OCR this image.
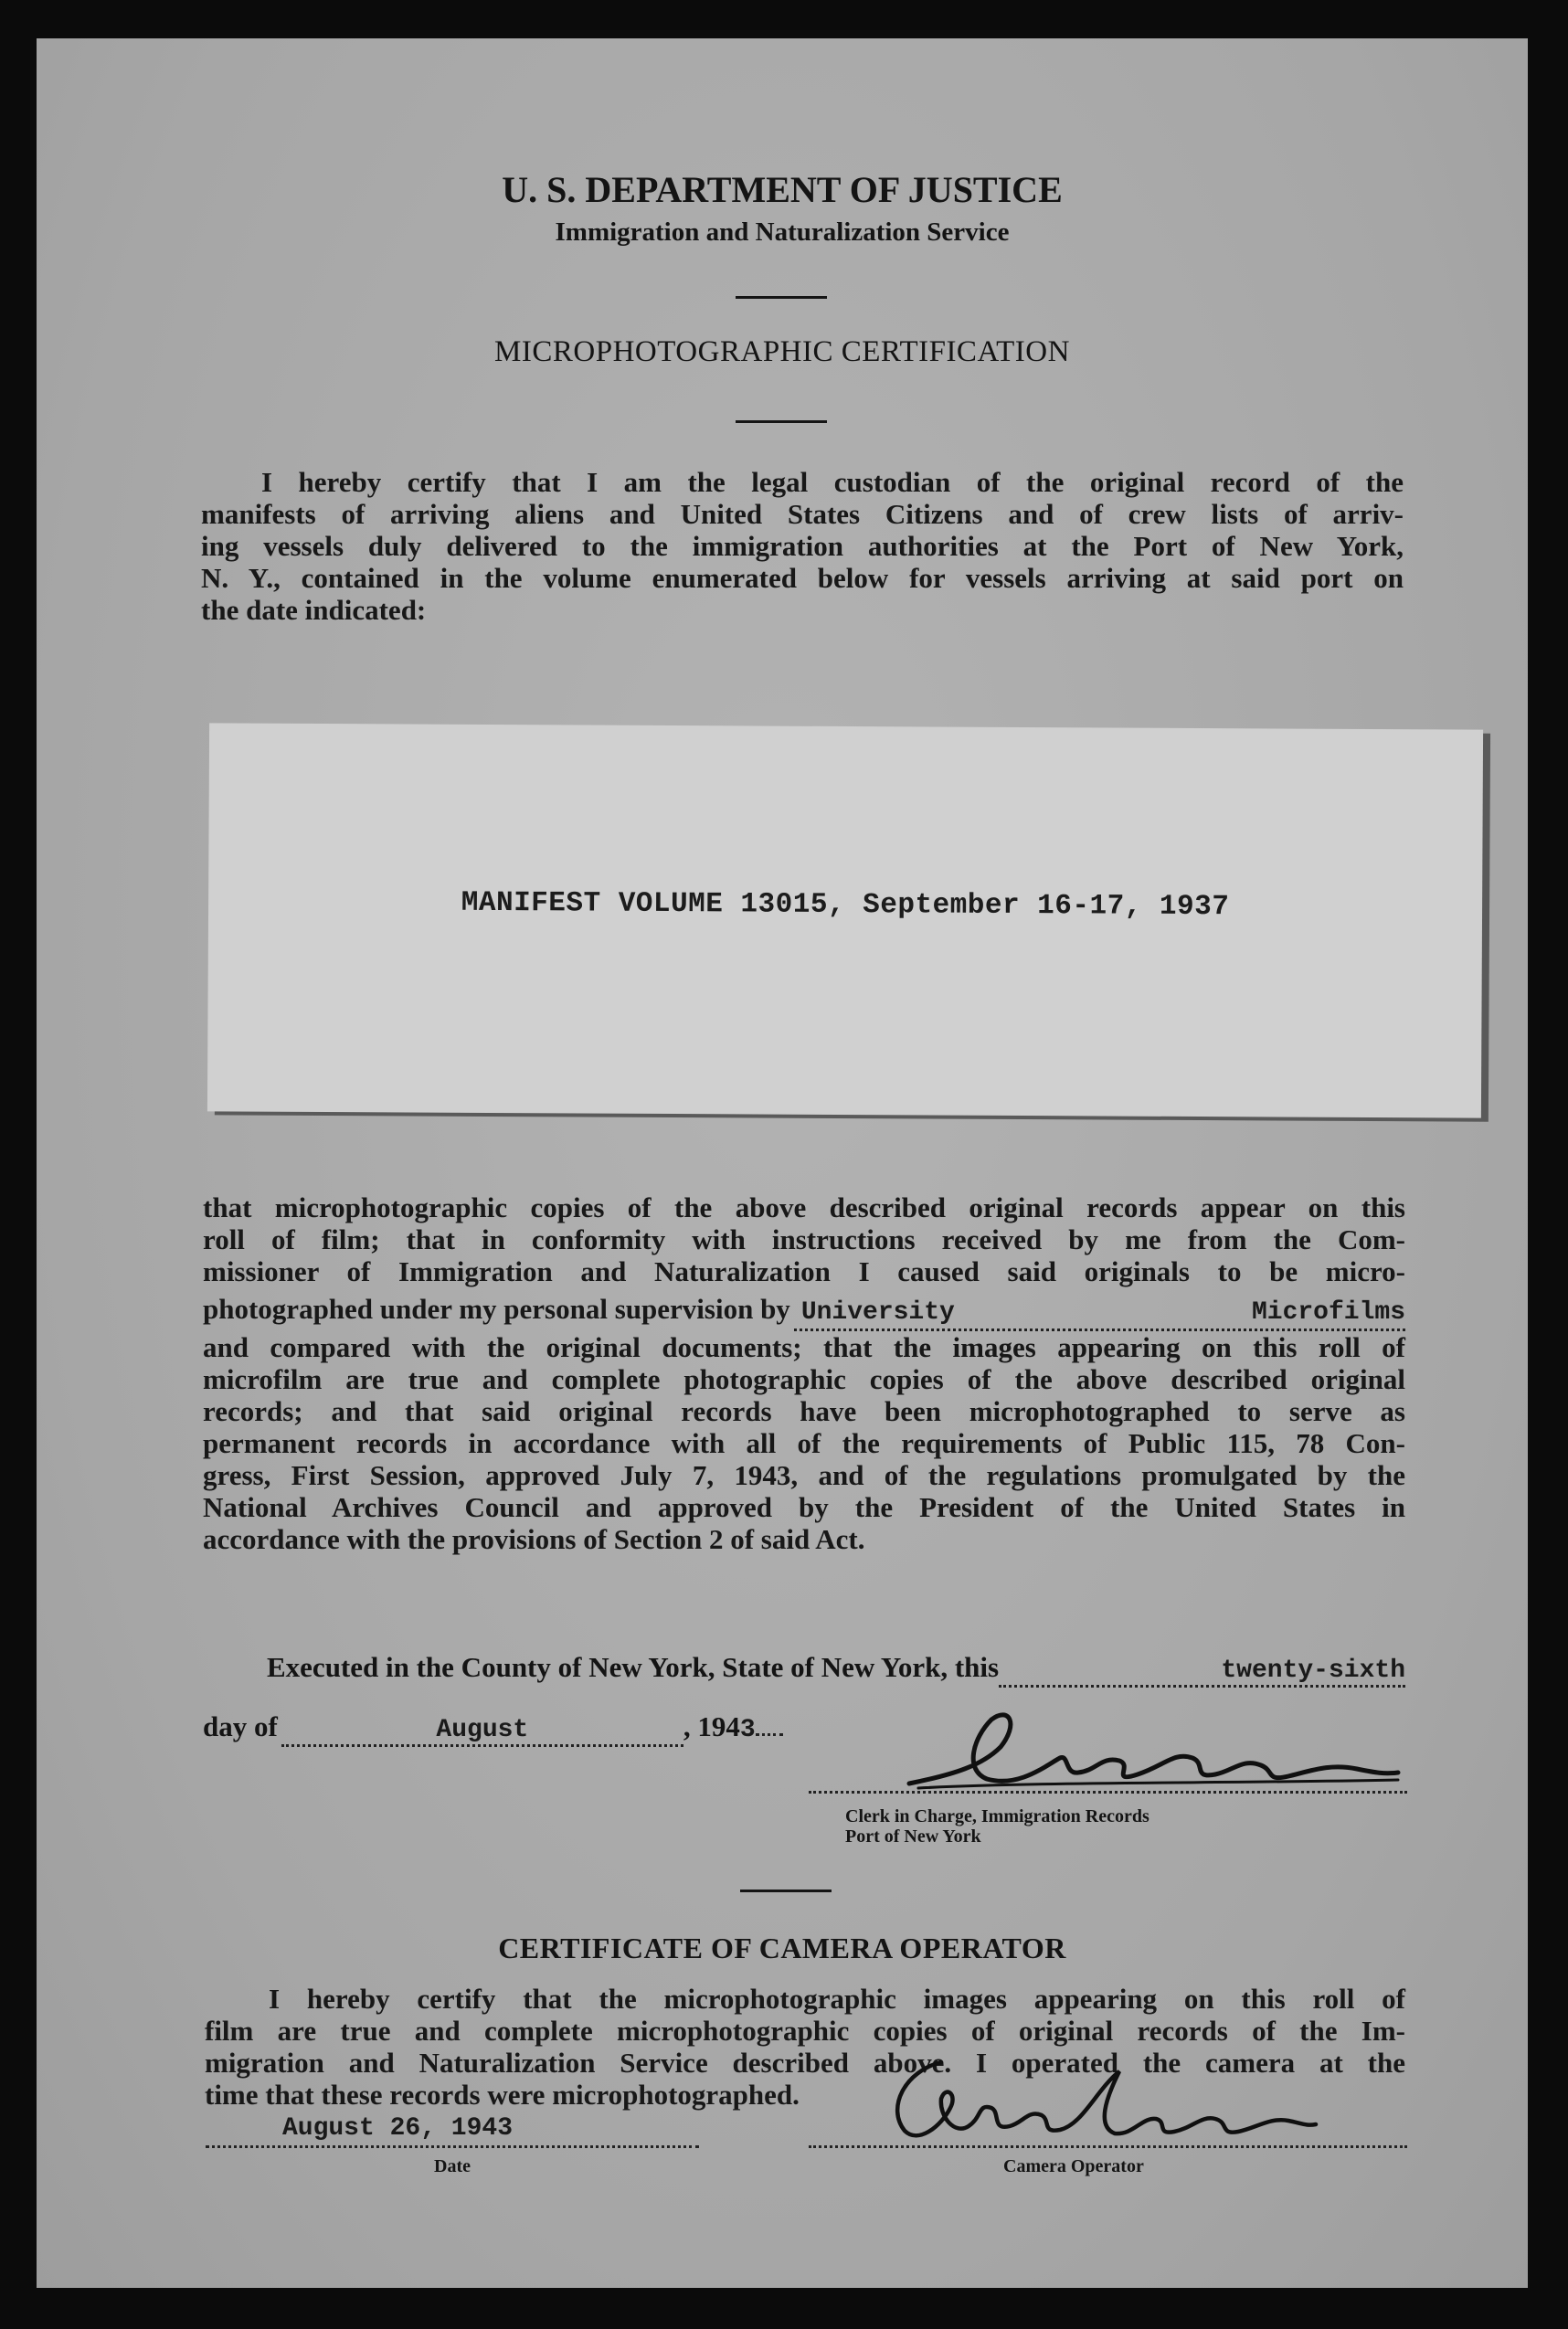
U. S. DEPARTMENT OF JUSTICE
Immigration and Naturalization Service
MICROPHOTOGRAPHIC CERTIFICATION
I hereby certify that I am the legal custodian of the original record of the
manifests of arriving aliens and United States Citizens and of crew lists of arriv-
ing vessels duly delivered to the immigration authorities at the Port of New York,
N. Y., contained in the volume enumerated below for vessels arriving at said port on
the date indicated:
MANIFEST VOLUME 13015, September 16-17, 1937
that microphotographic copies of the above described original records appear on this
roll of film; that in conformity with instructions received by me from the Com-
missioner of Immigration and Naturalization I caused said originals to be micro-
photographed under my personal supervision by University Microfilms
and compared with the original documents; that the images appearing on this roll of
microfilm are true and complete photographic copies of the above described original
records; and that said original records have been microphotographed to serve as
permanent records in accordance with all of the requirements of Public 115, 78 Con-
gress, First Session, approved July 7, 1943, and of the regulations promulgated by the
National Archives Council and approved by the President of the United States in
accordance with the provisions of Section 2 of said Act.
Executed in the County of New York, State of New York, this	twenty-sixth
day of	August	, 194 3
Clerk in Charge, Immigration Records
Port of New York
CERTIFICATE OF CAMERA OPERATOR
I hereby certify that the microphotographic images appearing on this roll of
film are true and complete microphotographic copies of original records of the Im-
migration and Naturalization Service described above. I operated the camera at the
time that these records were microphotographed.
August 26, 1943
Date	Camera Operator
